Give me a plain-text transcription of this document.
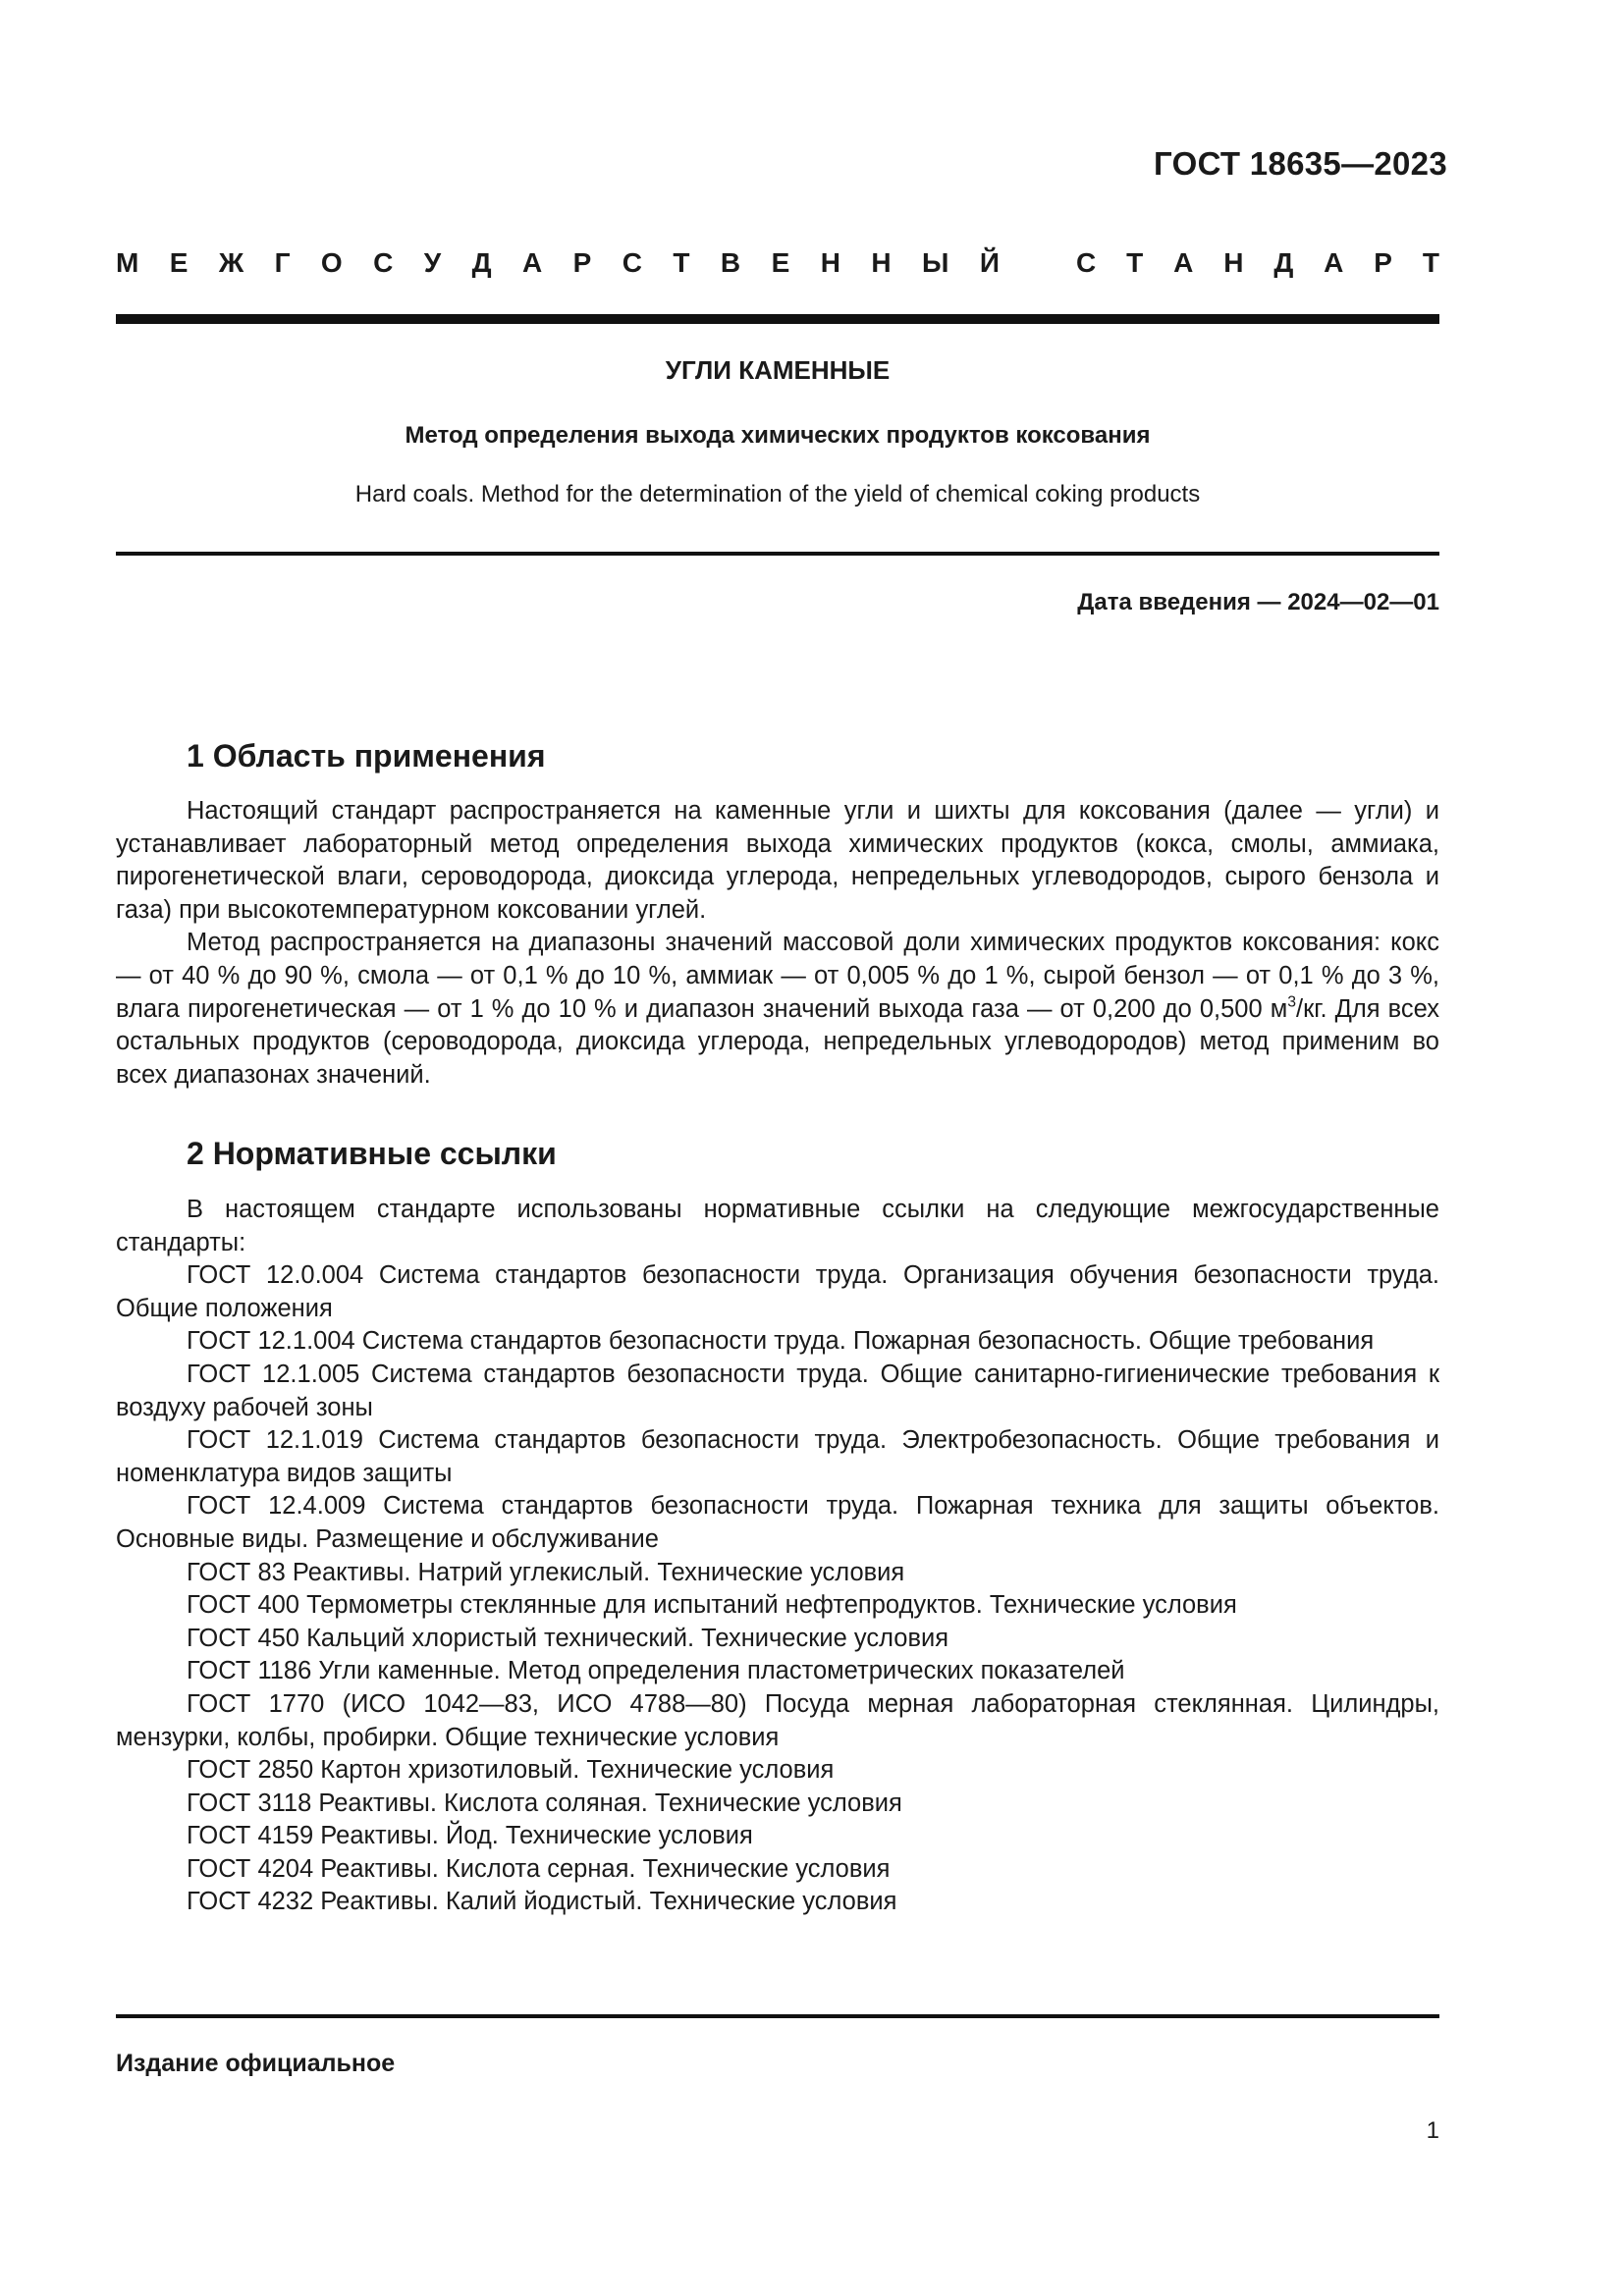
ГОСТ 18635—2023
М Е Ж Г О С У Д А Р С Т В Е Н Н Ы Й	С Т А Н Д А Р Т
УГЛИ КАМЕННЫЕ
Метод определения выхода химических продуктов коксования
Hard coals. Method for the determination of the yield of chemical coking products
Дата введения — 2024—02—01
1 Область применения

Настоящий стандарт распространяется на каменные угли и шихты для коксования (далее — угли) и устанавливает лабораторный метод определения выхода химических продуктов (кокса, смолы, аммиака, пирогенетической влаги, сероводорода, диоксида углерода, непредельных углеводородов, сырого бензола и газа) при высокотемпературном коксовании углей.

Метод распространяется на диапазоны значений массовой доли химических продуктов коксования: кокс — от 40 % до 90 %, смола — от 0,1 % до 10 %, аммиак — от 0,005 % до 1 %, сырой бензол — от 0,1 % до 3 %, влага пирогенетическая — от 1 % до 10 % и диапазон значений выхода газа — от 0,200 до 0,500 $м^3/кг$. Для всех остальных продуктов (сероводорода, диоксида углерода, непредельных углеводородов) метод применим во всех диапазонах значений.

2 Нормативные ссылки

В настоящем стандарте использованы нормативные ссылки на следующие межгосударственные стандарты:

ГОСТ 12.0.004 Система стандартов безопасности труда. Организация обучения безопасности труда. Общие положения

ГОСТ 12.1.004 Система стандартов безопасности труда. Пожарная безопасность. Общие требования

ГОСТ 12.1.005 Система стандартов безопасности труда. Общие санитарно-гигиенические требования к воздуху рабочей зоны

ГОСТ 12.1.019 Система стандартов безопасности труда. Электробезопасность. Общие требования и номенклатура видов защиты

ГОСТ 12.4.009 Система стандартов безопасности труда. Пожарная техника для защиты объектов. Основные виды. Размещение и обслуживание

ГОСТ 83 Реактивы. Натрий углекислый. Технические условия

ГОСТ 400 Термометры стеклянные для испытаний нефтепродуктов. Технические условия

ГОСТ 450 Кальций хлористый технический. Технические условия

ГОСТ 1186 Угли каменные. Метод определения пластометрических показателей

ГОСТ 1770 (ИСО 1042—83, ИСО 4788—80) Посуда мерная лабораторная стеклянная. Цилиндры, мензурки, колбы, пробирки. Общие технические условия

ГОСТ 2850 Картон хризотиловый. Технические условия

ГОСТ 3118 Реактивы. Кислота соляная. Технические условия

ГОСТ 4159 Реактивы. Йод. Технические условия

ГОСТ 4204 Реактивы. Кислота серная. Технические условия

ГОСТ 4232 Реактивы. Калий йодистый. Технические условия

Издание официальное
1
